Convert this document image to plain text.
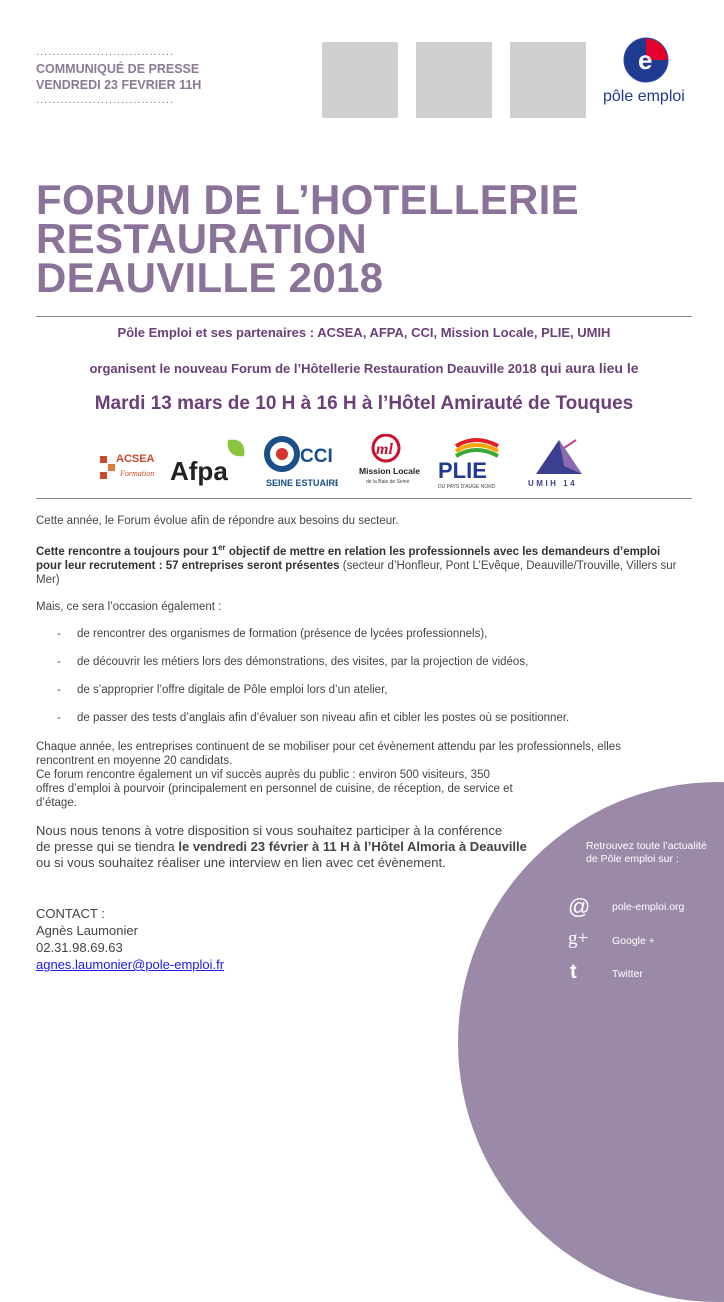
..................................
COMMUNIQUÉ DE PRESSE
VENDREDI 23 FEVRIER 11H
..................................
e
pôle emploi
FORUM DE L’HOTELLERIE
RESTAURATION
DEAUVILLE 2018
Pôle Emploi et ses partenaires : ACSEA, AFPA, CCI, Mission Locale, PLIE, UMIH
organisent le nouveau Forum de l’Hôtellerie Restauration Deauville 2018 qui aura lieu le
Mardi 13 mars de 10 H à 16 H à l’Hôtel Amirauté de Touques
ACSEA
Formation Afpa	CCI
SEINE ESTUAIRE
ml
Mission Locale
de la Baie de Seine PLIE
DU PAYS D'AUGE NORD	UMIH 14
Cette année, le Forum évolue afin de répondre aux besoins du secteur.
Cette rencontre a toujours pour 1er objectif de mettre en relation les professionnels avec les demandeurs d’emploi pour leur recrutement : 57 entreprises seront présentes (secteur d’Honfleur, Pont L’Evêque, Deauville/Trouville, Villers sur Mer)
Mais, ce sera l’occasion également :
- de rencontrer des organismes de formation (présence de lycées professionnels),
- de découvrir les métiers lors des démonstrations, des visites, par la projection de vidéos,
- de s’approprier l’offre digitale de Pôle emploi lors d’un atelier,
- de passer des tests d’anglais afin d’évaluer son niveau afin et cibler les postes où se positionner.
Chaque année, les entreprises continuent de se mobiliser pour cet évènement attendu par les professionnels, elles
rencontrent en moyenne 20 candidats.
Ce forum rencontre également un vif succès auprès du public : environ 500 visiteurs, 350
offres d’emploi à pourvoir (principalement en personnel de cuisine, de réception, de service et
d’étage.
Nous nous tenons à votre disposition si vous souhaitez participer à la conférence
de presse qui se tiendra le vendredi 23 février à 11 H à l’Hôtel Almoria à Deauville
ou si vous souhaitez réaliser une interview en lien avec cet évènement.
CONTACT :
Agnès Laumonier
02.31.98.69.63
agnes.laumonier@pole-emploi.fr
Retrouvez toute l’actualité
de Pôle emploi sur :
@ pole-emploi.org
g+ Google +
t	Twitter
